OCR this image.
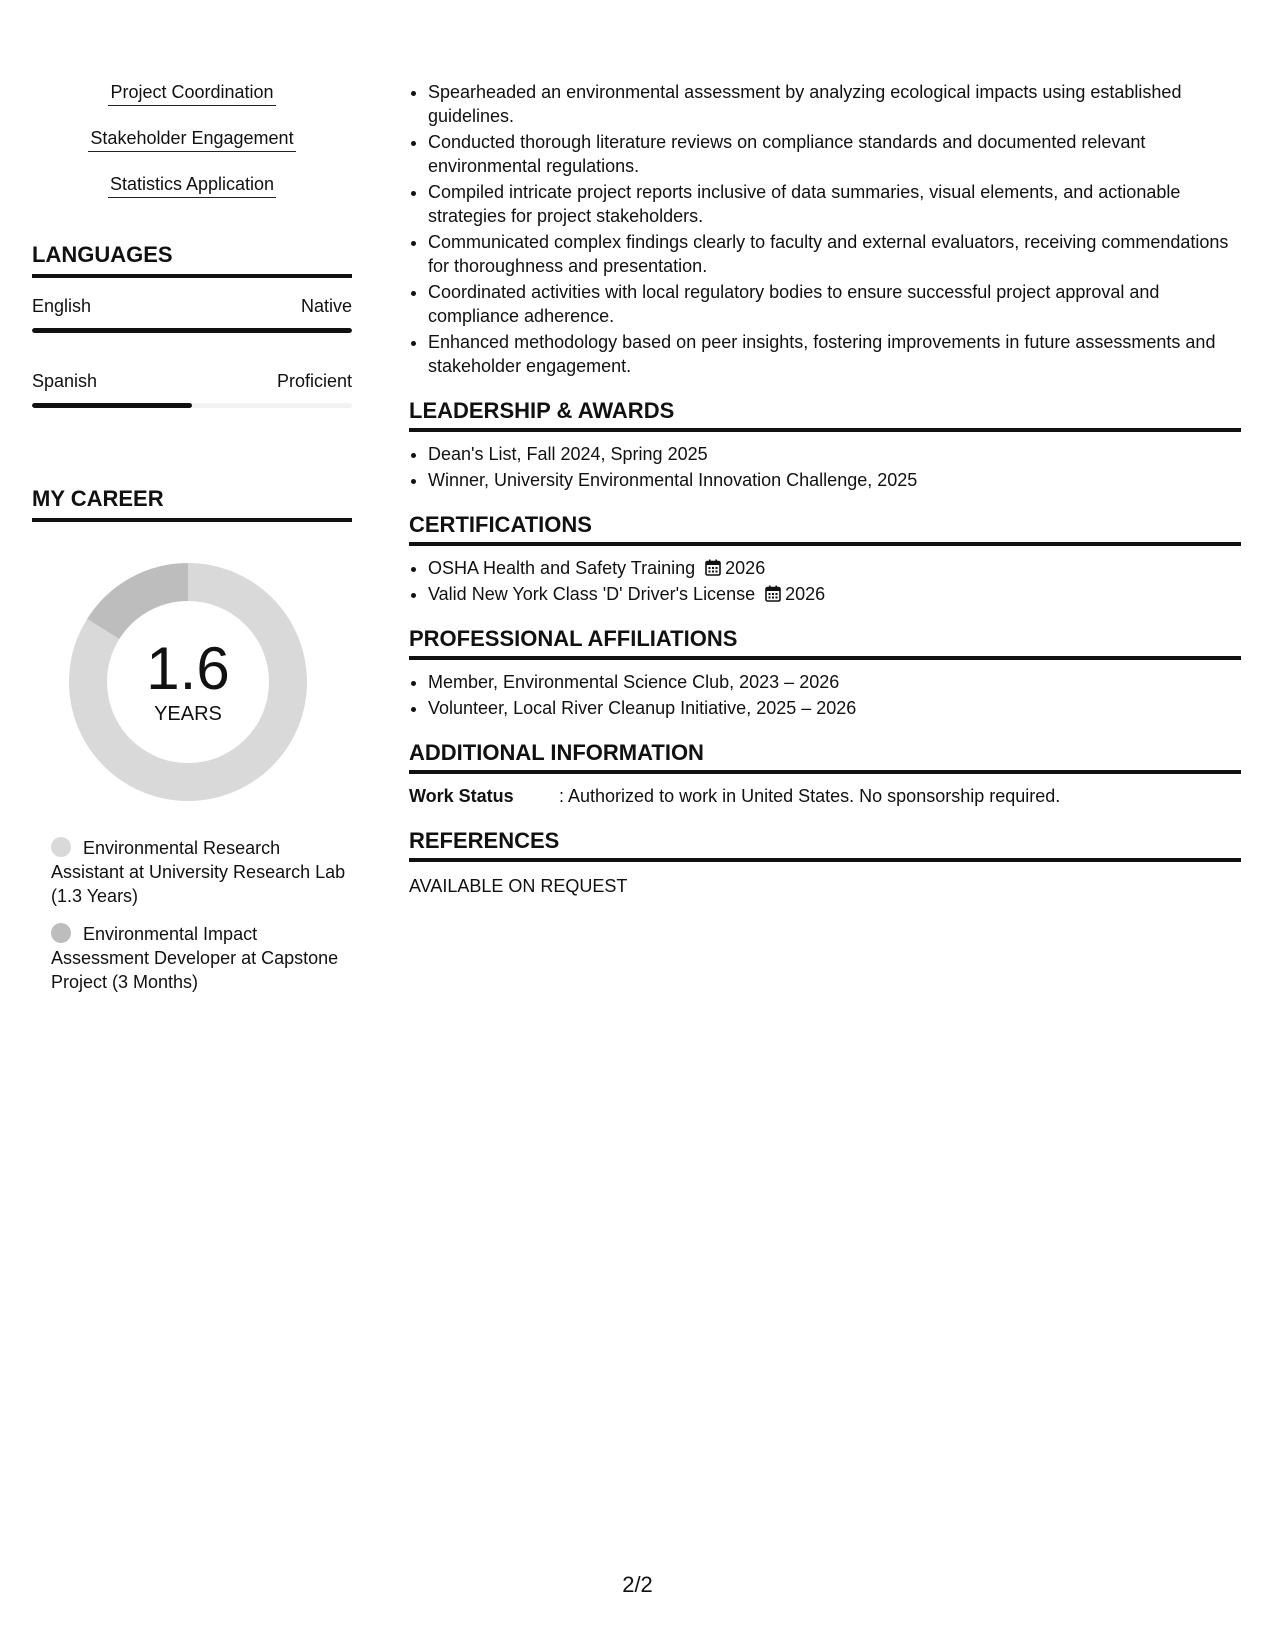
Project Coordination
Stakeholder Engagement
Statistics Application
LANGUAGES
English	Native
Spanish	Proficient
MY CAREER
1.6
YEARS
Environmental Research Assistant at University Research Lab (1.3 Years)
Environmental Impact Assessment Developer at Capstone Project (3 Months)
• Spearheaded an environmental assessment by analyzing ecological impacts using established guidelines.
• Conducted thorough literature reviews on compliance standards and documented relevant environmental regulations.
• Compiled intricate project reports inclusive of data summaries, visual elements, and actionable strategies for project stakeholders.
• Communicated complex findings clearly to faculty and external evaluators, receiving commendations for thoroughness and presentation.
• Coordinated activities with local regulatory bodies to ensure successful project approval and compliance adherence.
• Enhanced methodology based on peer insights, fostering improvements in future assessments and stakeholder engagement.
LEADERSHIP & AWARDS
• Dean's List, Fall 2024, Spring 2025
• Winner, University Environmental Innovation Challenge, 2025
CERTIFICATIONS
• OSHA Health and Safety Training 2026
• Valid New York Class 'D' Driver's License 2026
PROFESSIONAL AFFILIATIONS
• Member, Environmental Science Club, 2023 – 2026
• Volunteer, Local River Cleanup Initiative, 2025 – 2026
ADDITIONAL INFORMATION
Work Status	: Authorized to work in United States. No sponsorship required.
REFERENCES
AVAILABLE ON REQUEST
2/2
